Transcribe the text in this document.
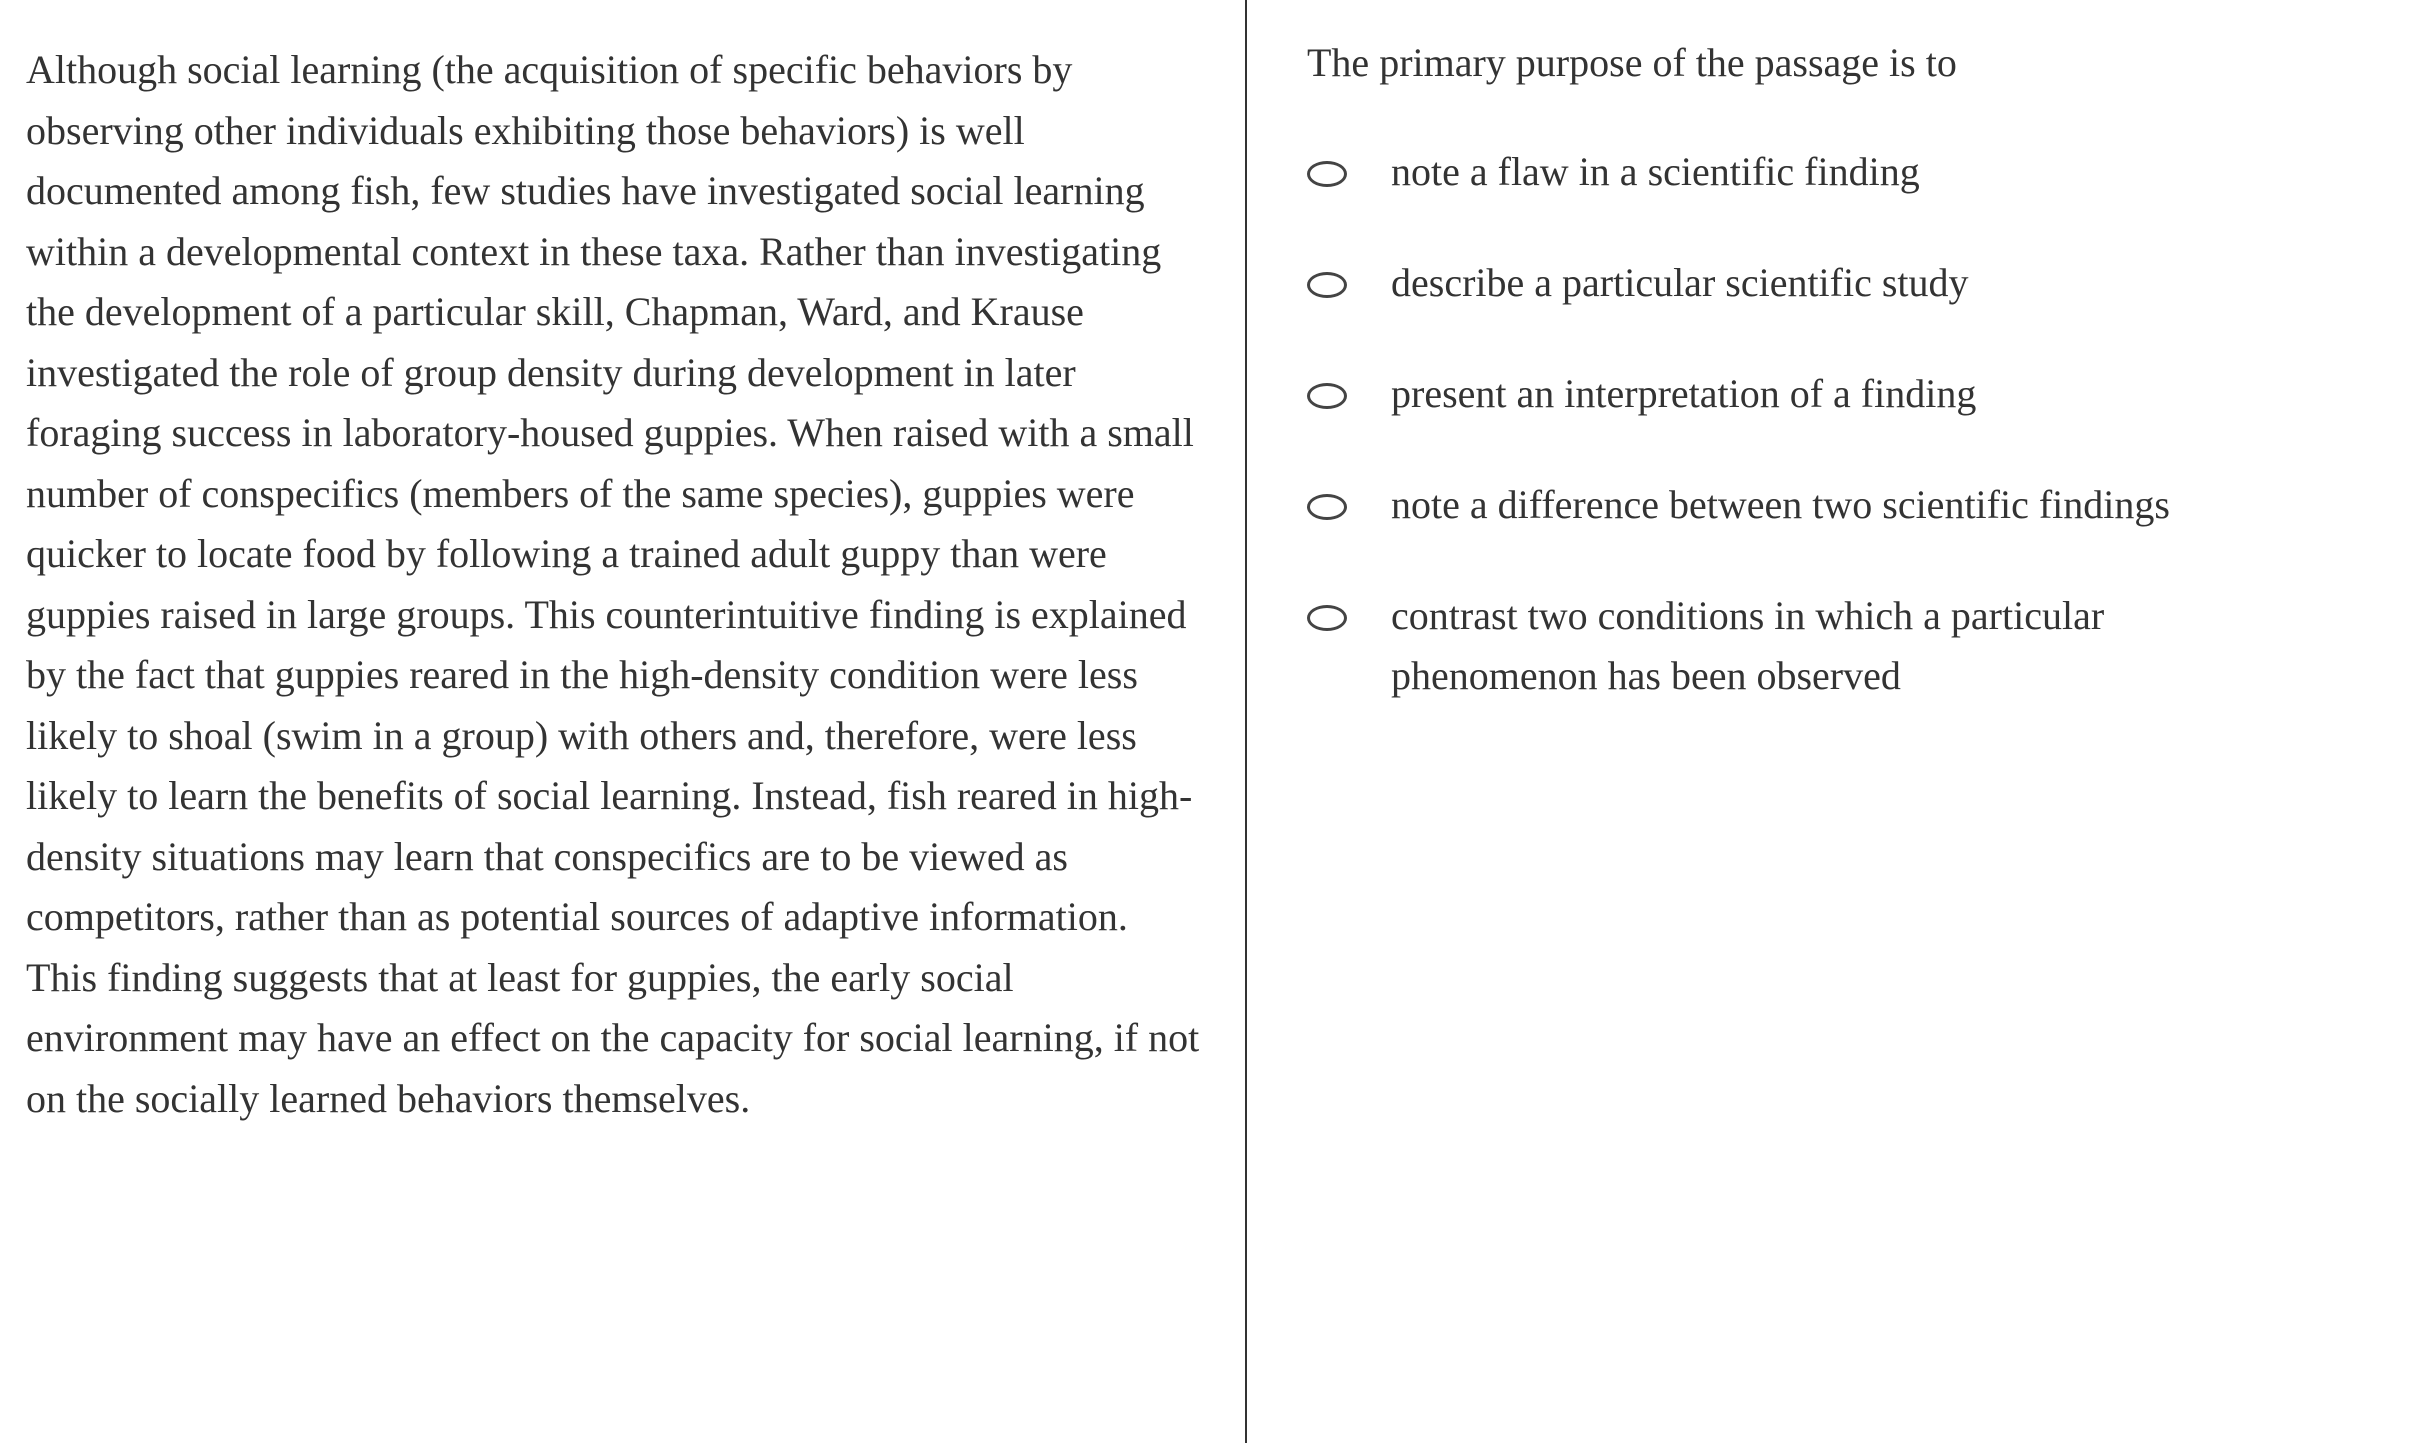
Although social learning (the acquisition of specific behaviors by observing other individuals exhibiting those behaviors) is well documented among fish, few studies have investigated social learning within a developmental context in these taxa. Rather than investigating the development of a particular skill, Chapman, Ward, and Krause investigated the role of group density during development in later foraging success in laboratory-housed guppies. When raised with a small number of conspecifics (members of the same species), guppies were quicker to locate food by following a trained adult guppy than were guppies raised in large groups. This counterintuitive finding is explained by the fact that guppies reared in the high-density condition were less likely to shoal (swim in a group) with others and, therefore, were less likely to learn the benefits of social learning. Instead, fish reared in high-density situations may learn that conspecifics are to be viewed as competitors, rather than as potential sources of adaptive information. This finding suggests that at least for guppies, the early social environment may have an effect on the capacity for social learning, if not on the socially learned behaviors themselves.

The primary purpose of the passage is to

note a flaw in a scientific finding
describe a particular scientific study
present an interpretation of a finding
note a difference between two scientific findings
contrast two conditions in which a particular phenomenon has been observed
